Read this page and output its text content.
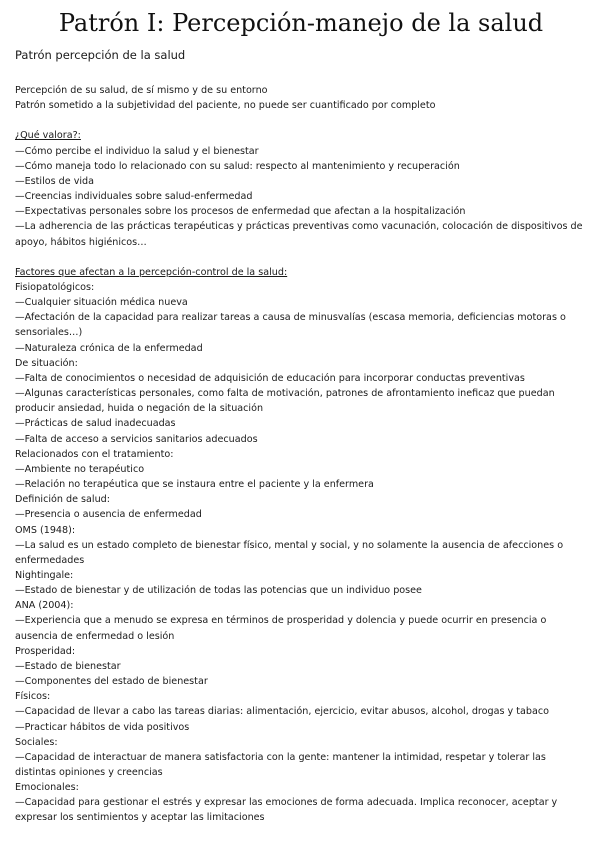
Patrón I: Percepción-manejo de la salud
Patrón percepción de la salud
Percepción de su salud, de sí mismo y de su entorno
Patrón sometido a la subjetividad del paciente, no puede ser cuantificado por completo
¿Qué valora?:
—Cómo percibe el individuo la salud y el bienestar
—Cómo maneja todo lo relacionado con su salud: respecto al mantenimiento y recuperación
—Estilos de vida
—Creencias individuales sobre salud-enfermedad
—Expectativas personales sobre los procesos de enfermedad que afectan a la hospitalización
—La adherencia de las prácticas terapéuticas y prácticas preventivas como vacunación, colocación de dispositivos de apoyo, hábitos higiénicos…
Factores que afectan a la percepción-control de la salud:
Fisiopatológicos:
—Cualquier situación médica nueva
—Afectación de la capacidad para realizar tareas a causa de minusvalías (escasa memoria, deficiencias motoras o sensoriales…)
—Naturaleza crónica de la enfermedad
De situación:
—Falta de conocimientos o necesidad de adquisición de educación para incorporar conductas preventivas
—Algunas características personales, como falta de motivación, patrones de afrontamiento ineficaz que puedan producir ansiedad, huida o negación de la situación
—Prácticas de salud inadecuadas
—Falta de acceso a servicios sanitarios adecuados
Relacionados con el tratamiento:
—Ambiente no terapéutico
—Relación no terapéutica que se instaura entre el paciente y la enfermera
Definición de salud:
—Presencia o ausencia de enfermedad
OMS (1948):
—La salud es un estado completo de bienestar físico, mental y social, y no solamente la ausencia de afecciones o enfermedades
Nightingale:
—Estado de bienestar y de utilización de todas las potencias que un individuo posee
ANA (2004):
—Experiencia que a menudo se expresa en términos de prosperidad y dolencia y puede ocurrir en presencia o ausencia de enfermedad o lesión
Prosperidad:
—Estado de bienestar
—Componentes del estado de bienestar
Físicos:
—Capacidad de llevar a cabo las tareas diarias: alimentación, ejercicio, evitar abusos, alcohol, drogas y tabaco
—Practicar hábitos de vida positivos
Sociales:
—Capacidad de interactuar de manera satisfactoria con la gente: mantener la intimidad, respetar y tolerar las distintas opiniones y creencias
Emocionales:
—Capacidad para gestionar el estrés y expresar las emociones de forma adecuada. Implica reconocer, aceptar y expresar los sentimientos y aceptar las limitaciones
